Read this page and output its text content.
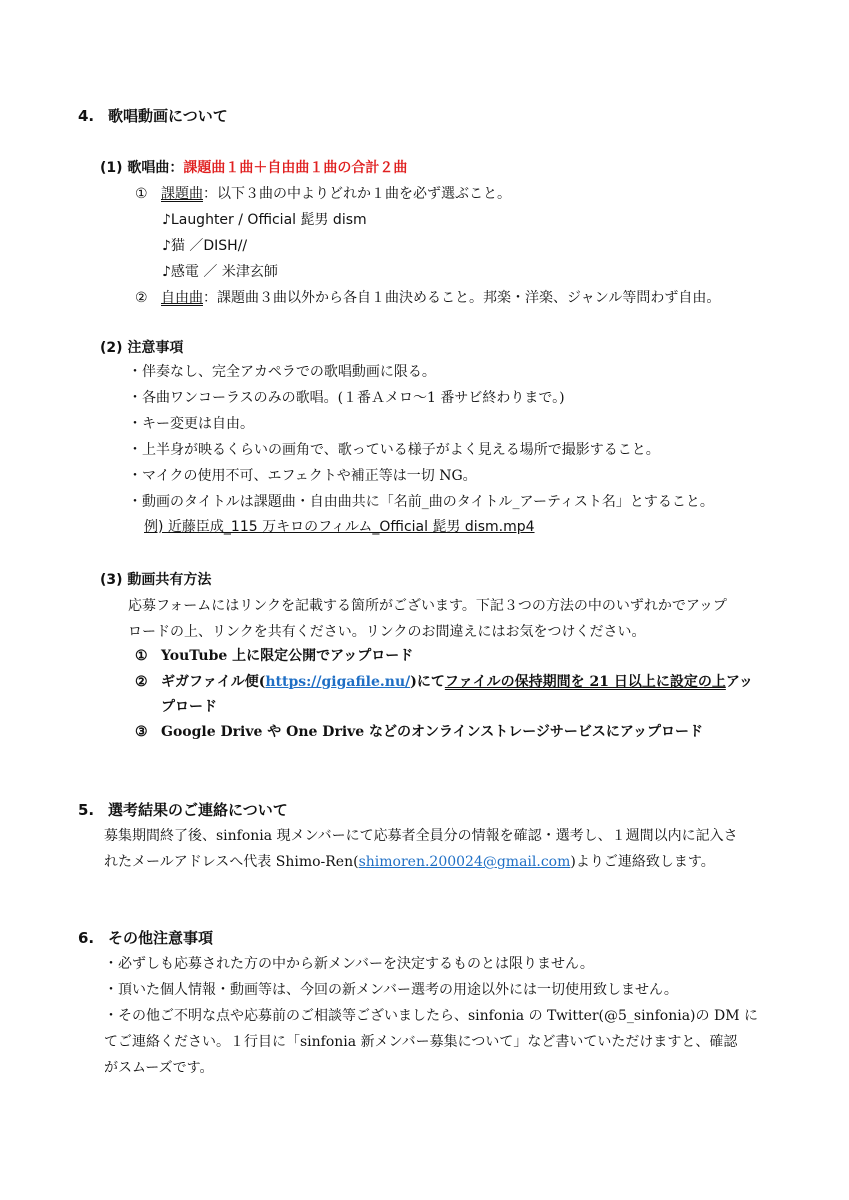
4. 歌唱動画について
(1) 歌唱曲：課題曲１曲＋自由曲１曲の合計２曲
① 課題曲：以下３曲の中よりどれか１曲を必ず選ぶこと。
♪Laughter / Official 髭男 dism
♪猫 ／DISH//
♪感電 ／ 米津玄師
② 自由曲：課題曲３曲以外から各自１曲決めること。邦楽・洋楽、ジャンル等問わず自由。
(2) 注意事項
・伴奏なし、完全アカペラでの歌唱動画に限る。
・各曲ワンコーラスのみの歌唱。(１番Ａメロ〜1 番サビ終わりまで。)
・キー変更は自由。
・上半身が映るくらいの画角で、歌っている様子がよく見える場所で撮影すること。
・マイクの使用不可、エフェクトや補正等は一切 NG。
・動画のタイトルは課題曲・自由曲共に「名前_曲のタイトル_アーティスト名」とすること。
例) 近藤臣成_115 万キロのフィルム_Official 髭男 dism.mp4
(3) 動画共有方法
応募フォームにはリンクを記載する箇所がございます。下記３つの方法の中のいずれかでアップ
ロードの上、リンクを共有ください。リンクのお間違えにはお気をつけください。
① YouTube 上に限定公開でアップロード
② ギガファイル便(https://gigafile.nu/)にてファイルの保持期間を 21 日以上に設定の上アッ
プロード
③ Google Drive や One Drive などのオンラインストレージサービスにアップロード
5. 選考結果のご連絡について
募集期間終了後、sinfonia 現メンバーにて応募者全員分の情報を確認・選考し、１週間以内に記入さ
れたメールアドレスへ代表 Shimo-Ren(shimoren.200024@gmail.com)よりご連絡致します。
6. その他注意事項
・必ずしも応募された方の中から新メンバーを決定するものとは限りません。
・頂いた個人情報・動画等は、今回の新メンバー選考の用途以外には一切使用致しません。
・その他ご不明な点や応募前のご相談等ございましたら、sinfonia の Twitter(@5_sinfonia)の DM に
てご連絡ください。１行目に「sinfonia 新メンバー募集について」など書いていただけますと、確認
がスムーズです。
